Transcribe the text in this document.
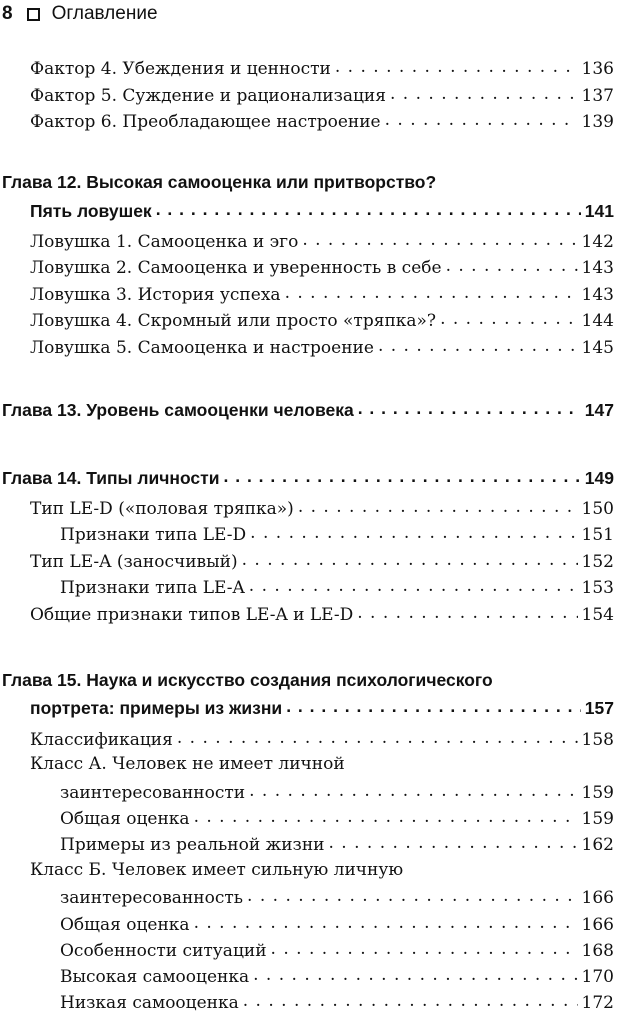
8 Оглавление
Фактор 4. Убеждения и ценности . . .	136
Фактор 5. Суждение и рационализация . . .	137
Фактор 6. Преобладающее настроение . . .	139
Глава 12. Высокая самооценка или притворство?
Пять ловушек . . .	141
Ловушка 1. Самооценка и эго . . .	142
Ловушка 2. Самооценка и уверенность в себе . . .	143
Ловушка 3. История успеха . . .	143
Ловушка 4. Скромный или просто «тряпка»? . . .	144
Ловушка 5. Самооценка и настроение . . .	145
Глава 13. Уровень самооценки человека . . .	147
Глава 14. Типы личности . . .	149
Тип LE-D («половая тряпка») . . .	150
Признаки типа LE-D . . .	151
Тип LE-A (заносчивый) . . .	152
Признаки типа LE-A . . .	153
Общие признаки типов LE-A и LE-D . . .	154
Глава 15. Наука и искусство создания психологического
портрета: примеры из жизни . . .	157
Классификация . . .	158
Класс А. Человек не имеет личной
заинтересованности . . .	159
Общая оценка . . .	159
Примеры из реальной жизни . . .	162
Класс Б. Человек имеет сильную личную
заинтересованность . . .	166
Общая оценка . . .	166
Особенности ситуаций . . .	168
Высокая самооценка . . .	170
Низкая самооценка . . .	172
